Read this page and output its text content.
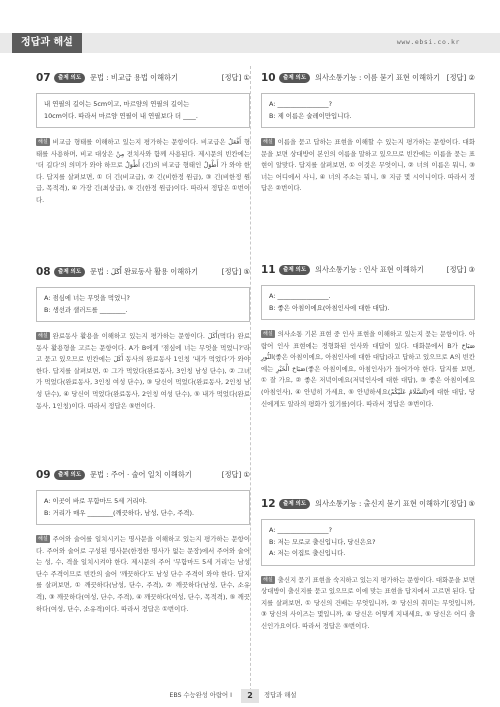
정답과 해설	www.ebsi.co.kr
07	출제 의도	문법 : 비교급 용법 이해하기	[정답] ①
내 연필의 길이는 5cm이고, 마르얌의 연필의 길이는
10cm이다. 따라서 마르얌 연필이 내 연필보다 더 ____.
해설 비교급 형태를 이해하고 있는지 평가하는 문항이다. 비교급은 أَفْعَلُ 형태를 사용하며, 비교 대상은 مِنْ 전치사와 함께 사용된다. 제시문의 빈칸에는 '더 길다'의 의미가 와야 하므로 أَطْوَلُ (긴)의 비교급 형태인 أَطْوَلُ 가 와야 한다. 답지를 살펴보면, ① 더 긴(비교급), ② 긴(비한정 원급), ③ 긴(비한정 원급, 목적격), ④ 가장 긴(최상급), ⑤ 긴(한정 원급)이다. 따라서 정답은 ①번이다.
08	출제 의도	문법 : أَكَلَ 완료동사 활용 이해하기	[정답] ⑤
A: 점심에 너는 무엇을 먹었니?
B: 생선과 샐러드를 ________.
해설 완료동사 활용을 이해하고 있는지 평가하는 문항이다. أَكَلَ(먹다) 완료동사 활용형을 고르는 문항이다. A가 B에게 '점심에 너는 무엇을 먹었니?'라고 묻고 있으므로 빈칸에는 أَكَلَ 동사의 완료동사 1인칭 '내가 먹었다'가 와야 한다. 답지를 살펴보면, ① 그가 먹었다(완료동사, 3인칭 남성 단수), ② 그녀가 먹었다(완료동사, 3인칭 여성 단수), ③ 당신이 먹었다(완료동사, 2인칭 남성 단수), ④ 당신이 먹었다(완료동사, 2인칭 여성 단수), ⑤ 내가 먹었다(완료동사, 1인칭)이다. 따라서 정답은 ⑤번이다.
09	출제 의도	문법 : 주어 · 술어 일치 이해하기	[정답] ①
A: 이곳이 바로 무함마드 5세 거리야.
B: 거리가 매우 ________(깨끗하다, 남성, 단수, 주격).
해설 주어와 술어를 일치시키는 명사문을 이해하고 있는지 평가하는 문항이다. 주어와 술어로 구성된 명사문(한정한 명사가 없는 문장)에서 주어와 술어는 성, 수, 격을 일치시켜야 한다. 제시문의 주어 '무함마드 5세 거리'는 남성 단수 주격이므로 빈칸의 술어 '깨끗하다'도 남성 단수 주격이 와야 한다. 답지를 살펴보면, ① 깨끗하다(남성, 단수, 주격), ② 깨끗하다(남성, 단수, 소유격), ③ 깨끗하다(여성, 단수, 주격), ④ 깨끗하다(여성, 단수, 목적격), ⑤ 깨끗하다(여성, 단수, 소유격)이다. 따라서 정답은 ①번이다.
10	출제 의도	의사소통기능 : 이름 묻기 표현 이해하기 [정답] ②
A: ________________?
B: 제 이름은 술레이만입니다.
해설 이름을 묻고 답하는 표현을 이해할 수 있는지 평가하는 문항이다. 대화문을 보면 상대방이 본인의 이름을 말하고 있으므로 빈칸에는 이름을 묻는 표현이 알맞다. 답지를 살펴보면, ① 이것은 무엇이니, ② 너의 이름은 뭐니, ③ 너는 어디에서 사니, ④ 너의 주소는 뭐니, ⑤ 지금 몇 시이니이다. 따라서 정답은 ②번이다.
11	출제 의도	의사소통기능 : 인사 표현 이해하기	[정답] ③
A: ________________.
B: 좋은 아침이에요(아침인사에 대한 대답).
해설 의사소통 기본 표현 중 인사 표현을 이해하고 있는지 묻는 문항이다. 아랍어 인사 표현에는 정형화된 인사와 대답이 있다. 대화문에서 B가 صَبَاحَ النُّورِ(좋은 아침이에요, 아침인사에 대한 대답)라고 답하고 있으므로 A의 빈칸에는 صَبَاحَ الْخَيْرِ(좋은 아침이에요, 아침인사)가 들어가야 한다. 답지를 보면, ① 잘 가요, ② 좋은 저녁이에요(저녁인사에 대한 대답), ③ 좋은 아침이에요(아침인사), ④ 안녕히 가세요, ⑤ 안녕하세요(اَلسَّلَامُ عَلَيْكُمْ)에 대한 대답, 당신에게도 알라의 평화가 있기를)이다. 따라서 정답은 ③번이다.
12	출제 의도	의사소통기능 : 출신지 묻기 표현 이해하기 [정답] ⑤
A: ________________?
B: 저는 모로코 출신입니다, 당신은요?
A: 저는 이집트 출신입니다.
해설 출신지 묻기 표현을 숙지하고 있는지 평가하는 문항이다. 대화문을 보면 상대방이 출신지를 묻고 있으므로 이에 맞는 표현을 답지에서 고르면 된다. 답지를 살펴보면, ① 당신의 건배는 무엇입니까, ② 당신의 취미는 무엇입니까, ③ 당신의 사이즈는 몇입니까, ④ 당신은 어떻게 지내세요, ⑤ 당신은 어디 출신인가요이다. 따라서 정답은 ⑤번이다.
EBS 수능완성 아랍어 I	2	정답과 해설
